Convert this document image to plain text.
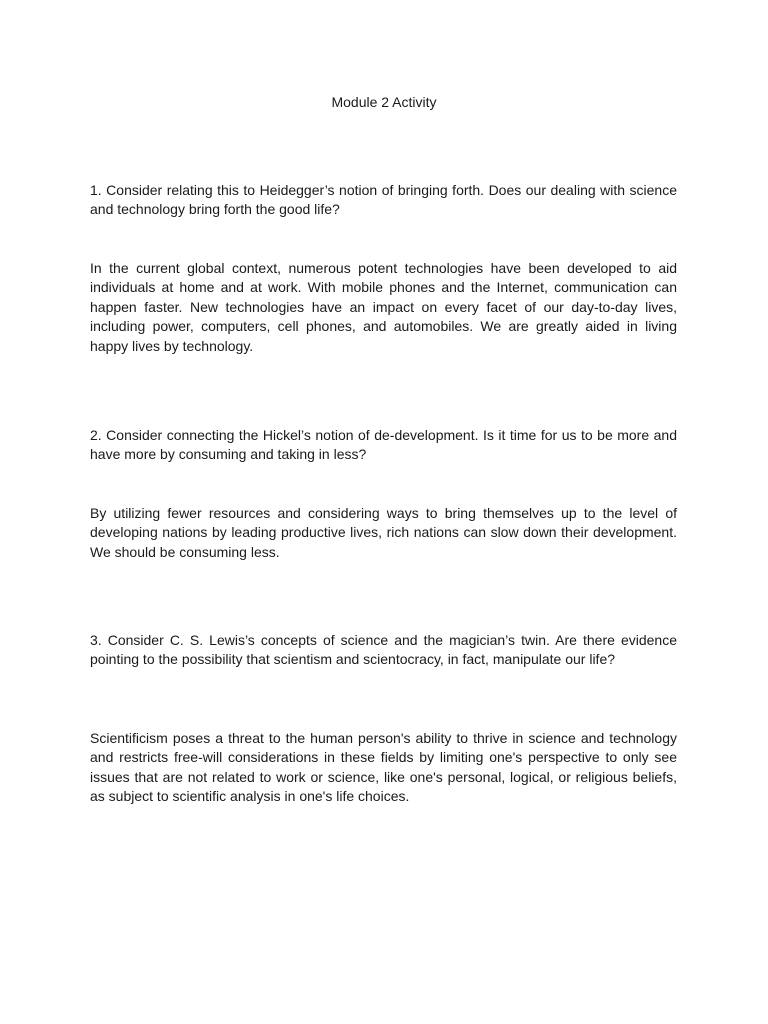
Module 2 Activity

1. Consider relating this to Heidegger’s notion of bringing forth. Does our dealing with science and technology bring forth the good life?

In the current global context, numerous potent technologies have been developed to aid individuals at home and at work. With mobile phones and the Internet, communication can happen faster. New technologies have an impact on every facet of our day-to-day lives, including power, computers, cell phones, and automobiles. We are greatly aided in living happy lives by technology.

2. Consider connecting the Hickel’s notion of de-development. Is it time for us to be more and have more by consuming and taking in less?

By utilizing fewer resources and considering ways to bring themselves up to the level of developing nations by leading productive lives, rich nations can slow down their development. We should be consuming less.

3. Consider C. S. Lewis’s concepts of science and the magician’s twin. Are there evidence pointing to the possibility that scientism and scientocracy, in fact, manipulate our life?

Scientificism poses a threat to the human person's ability to thrive in science and technology and restricts free-will considerations in these fields by limiting one's perspective to only see issues that are not related to work or science, like one's personal, logical, or religious beliefs, as subject to scientific analysis in one's life choices.
